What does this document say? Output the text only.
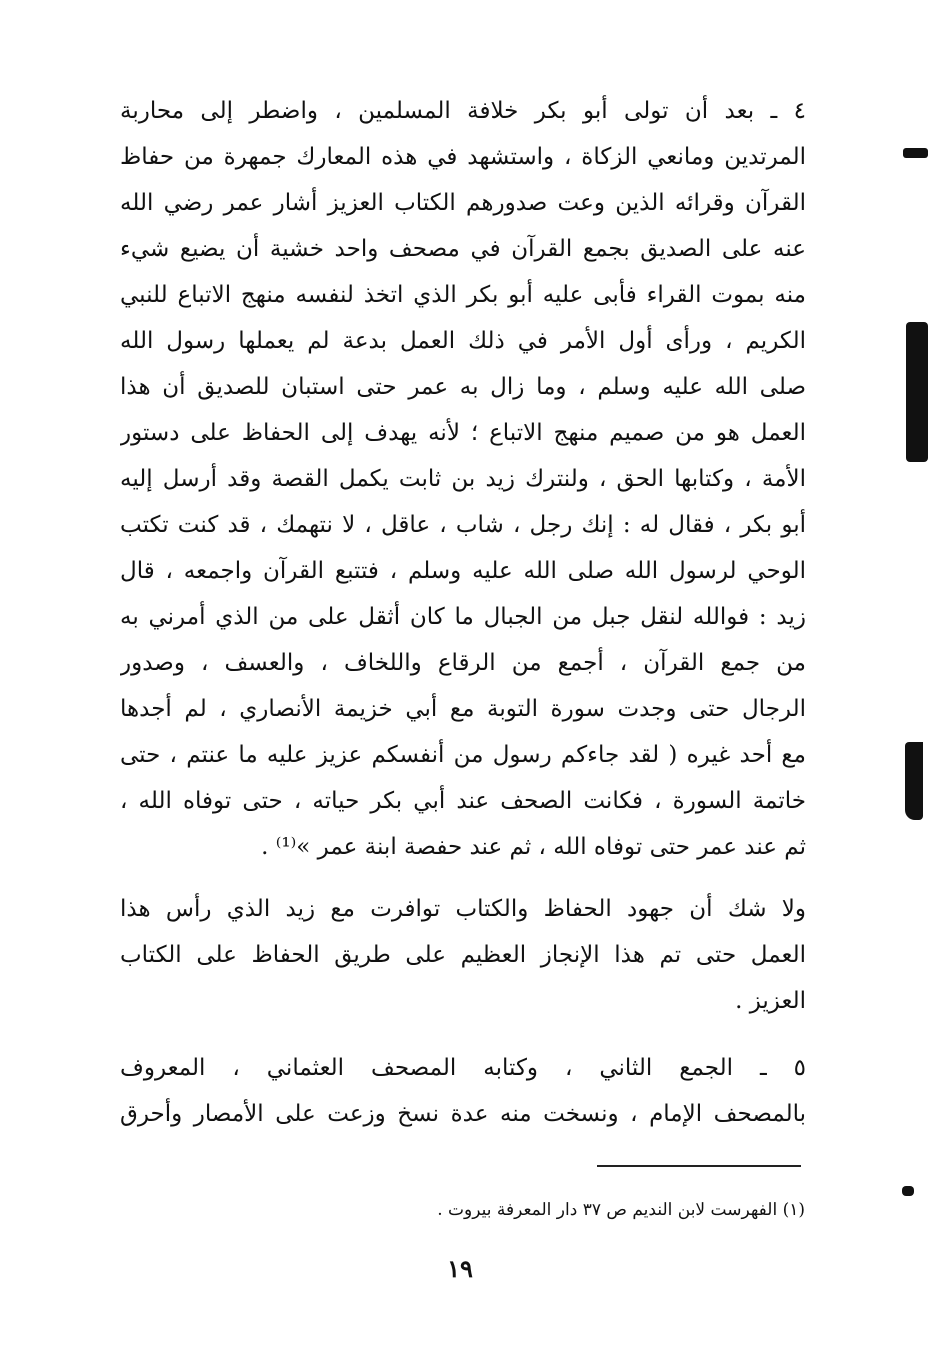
٤ ـ بعد أن تولى أبو بكر خلافة المسلمين ، واضطر إلى محاربة
المرتدين ومانعي الزكاة ، واستشهد في هذه المعارك جمهرة من حفاظ
القرآن وقرائه الذين وعت صدورهم الكتاب العزيز أشار عمر رضي الله
عنه على الصديق بجمع القرآن في مصحف واحد خشية أن يضيع شيء
منه بموت القراء فأبى عليه أبو بكر الذي اتخذ لنفسه منهج الاتباع للنبي
الكريم ، ورأى أول الأمر في ذلك العمل بدعة لم يعملها رسول الله
صلى الله عليه وسلم ، وما زال به عمر حتى استبان للصديق أن هذا
العمل هو من صميم منهج الاتباع ؛ لأنه يهدف إلى الحفاظ على دستور
الأمة ، وكتابها الحق ، ولنترك زيد بن ثابت يكمل القصة وقد أرسل إليه
أبو بكر ، فقال له : إنك رجل ، شاب ، عاقل ، لا نتهمك ، قد كنت تكتب
الوحي لرسول الله صلى الله عليه وسلم ، فتتبع القرآن واجمعه ، قال
زيد : فوالله لنقل جبل من الجبال ما كان أثقل على من الذي أمرني به
من جمع القرآن ، أجمع من الرقاع واللخاف ، والعسف ، وصدور
الرجال حتى وجدت سورة التوبة مع أبي خزيمة الأنصاري ، لم أجدها
مع أحد غيره ( لقد جاءكم رسول من أنفسكم عزيز عليه ما عنتم ، حتى
خاتمة السورة ، فكانت الصحف عند أبي بكر حياته ، حتى توفاه الله ،
ثم عند عمر حتى توفاه الله ، ثم عند حفصة ابنة عمر »⁽¹⁾ .
ولا شك أن جهود الحفاظ والكتاب توافرت مع زيد الذي رأس هذا
العمل حتى تم هذا الإنجاز العظيم على طريق الحفاظ على الكتاب
العزيز .
٥ ـ الجمع الثاني ، وكتابه المصحف العثماني ، المعروف
بالمصحف الإمام ، ونسخت منه عدة نسخ وزعت على الأمصار وأحرق
(١) الفهرست لابن النديم ص ٣٧ دار المعرفة بيروت .
١٩
